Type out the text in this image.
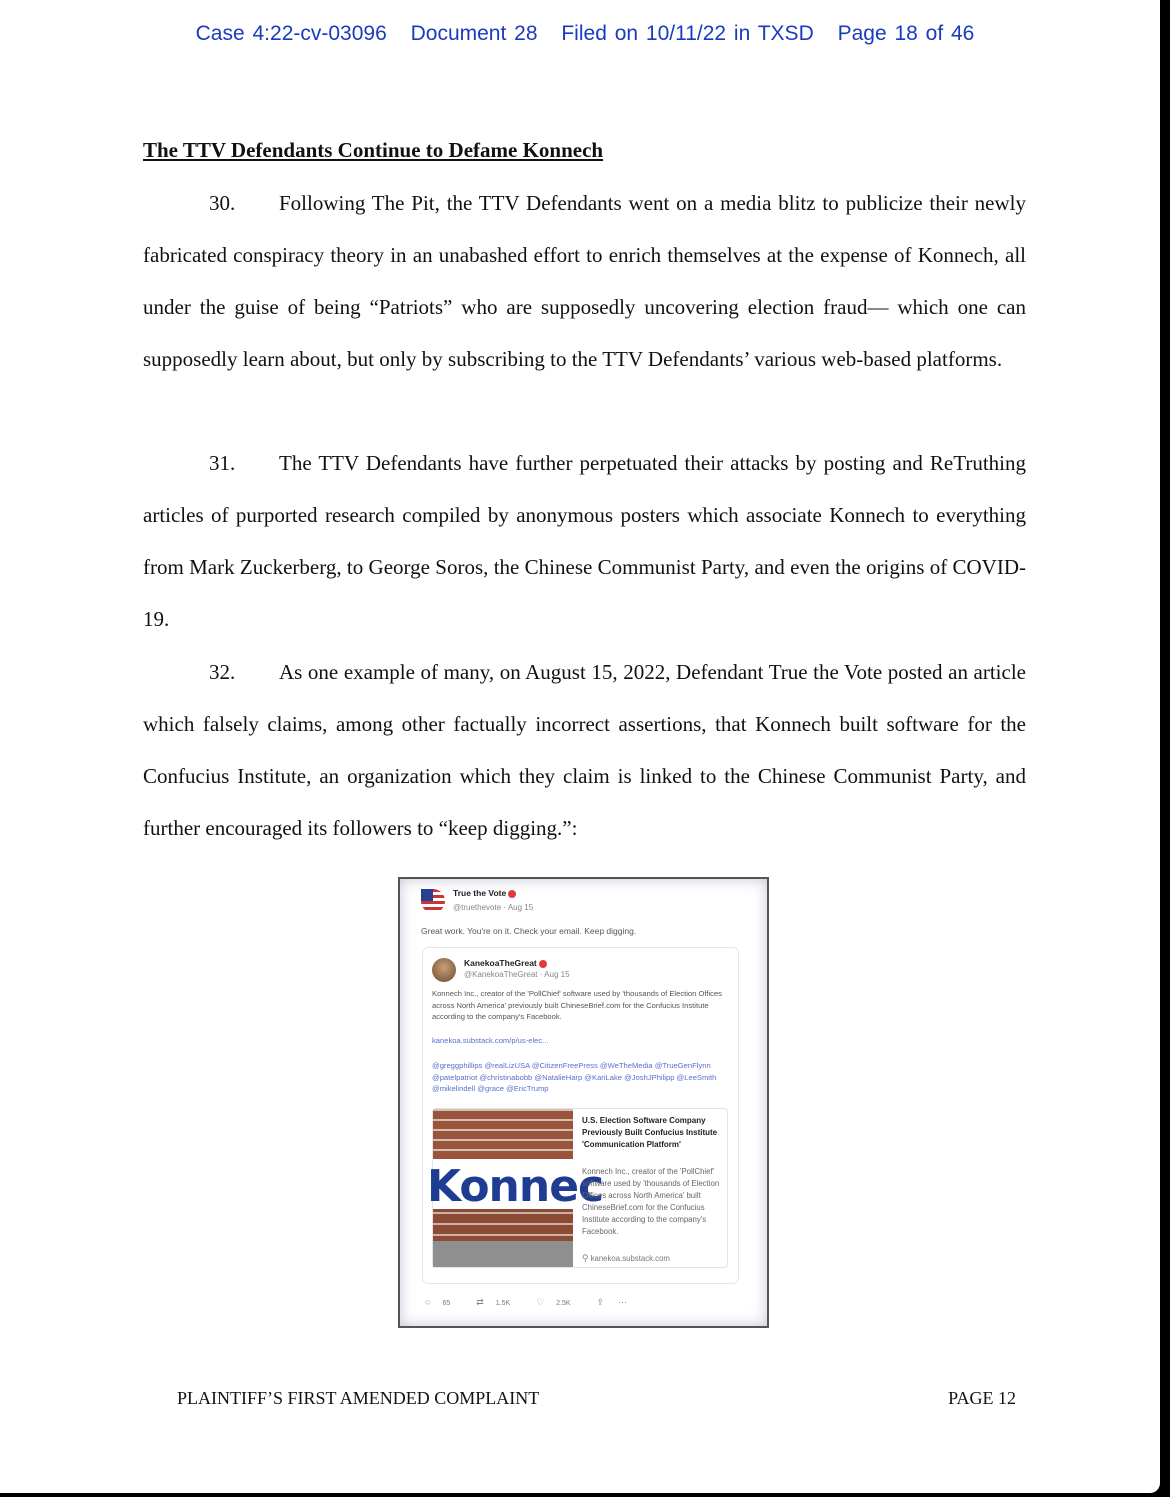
Case 4:22-cv-03096 Document 28 Filed on 10/11/22 in TXSD Page 18 of 46
The TTV Defendants Continue to Defame Konnech

30. Following The Pit, the TTV Defendants went on a media blitz to publicize their newly fabricated conspiracy theory in an unabashed effort to enrich themselves at the expense of Konnech, all under the guise of being “Patriots” who are supposedly uncovering election fraud— which one can supposedly learn about, but only by subscribing to the TTV Defendants’ various web-based platforms.

31. The TTV Defendants have further perpetuated their attacks by posting and ReTruthing articles of purported research compiled by anonymous posters which associate Konnech to everything from Mark Zuckerberg, to George Soros, the Chinese Communist Party, and even the origins of COVID-19.

32. As one example of many, on August 15, 2022, Defendant True the Vote posted an article which falsely claims, among other factually incorrect assertions, that Konnech built software for the Confucius Institute, an organization which they claim is linked to the Chinese Communist Party, and further encouraged its followers to “keep digging.”:

True the Vote
@truethevote · Aug 15
Great work. You're on it. Check your email. Keep digging.
KanekoaTheGreat
@KanekoaTheGreat · Aug 15
Konnech Inc., creator of the 'PollChief' software used by 'thousands of Election Offices across North America' previously built ChineseBrief.com for the Confucius Institute according to the company's Facebook.
kanekoa.substack.com/p/us-elec...
@greggphillips @realLizUSA @CitizenFreePress @WeTheMedia @TrueGenFlynn @patelpatriot @christinabobb @NatalieHarp @KariLake @JoshJPhilipp @LeeSmith @mikelindell @grace @EricTrump
Konnec
U.S. Election Software Company Previously Built Confucius Institute 'Communication Platform'
Konnech Inc., creator of the 'PollChief' software used by 'thousands of Election Offices across North America' built ChineseBrief.com for the Confucius Institute according to the company's Facebook.
⚲ kanekoa.substack.com
○ 65	⇄ 1.5K	♡ 2.5K	⇪ ···
PLAINTIFF’S FIRST AMENDED COMPLAINT	PAGE 12
